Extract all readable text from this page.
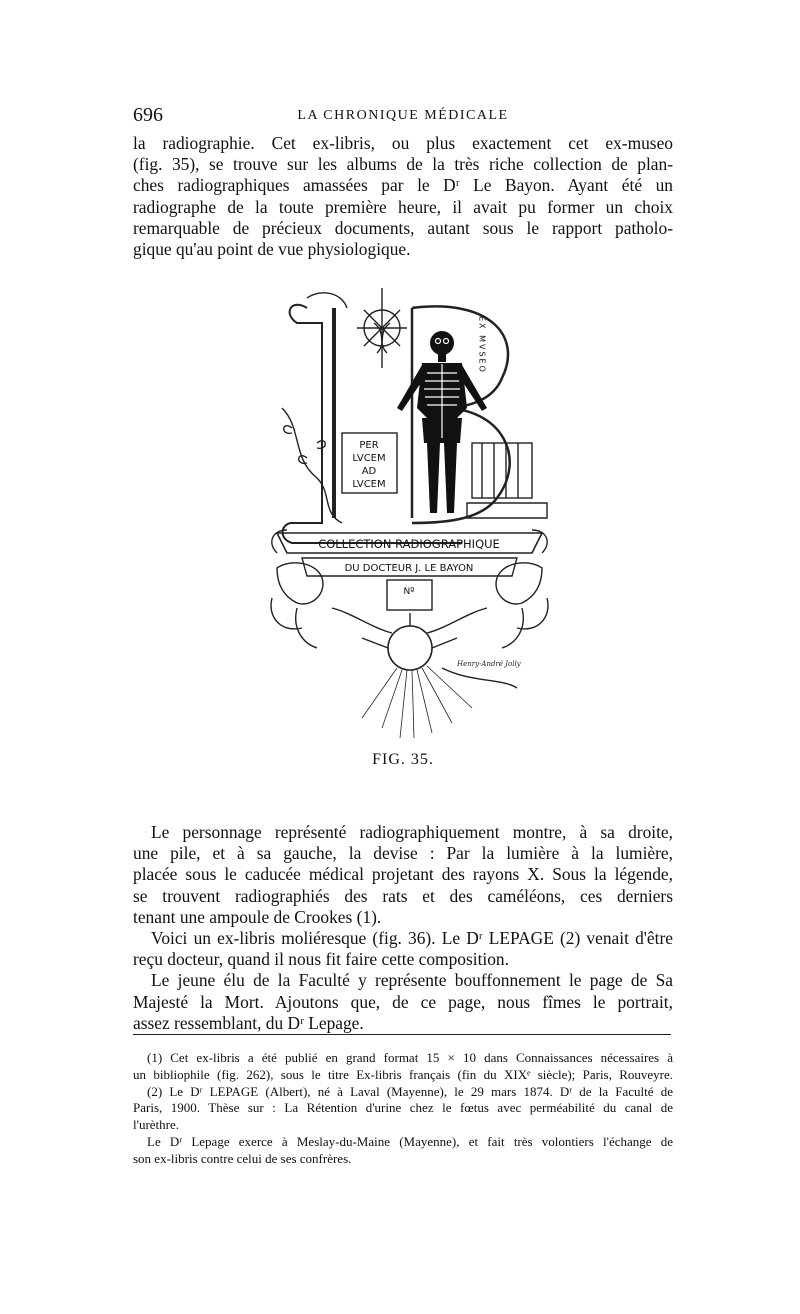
696	LA CHRONIQUE MÉDICALE
la radiographie. Cet ex-libris, ou plus exactement cet ex-museo
(fig. 35), se trouve sur les albums de la très riche collection de plan-
ches radiographiques amassées par le Dʳ Le Bayon. Ayant été un
radiographe de la toute première heure, il avait pu former un choix
remarquable de précieux documents, autant sous le rapport patholo-
gique qu'au point de vue physiologique.
PER
LVCEM
AD
LVCEM
EX MVSEO
COLLECTION RADIOGRAPHIQUE
DU DOCTEUR J. LE BAYON
Nº
Henry-André Jolly
FIG. 35.
Le personnage représenté radiographiquement montre, à sa droite,
une pile, et à sa gauche, la devise : Par la lumière à la lumière,
placée sous le caducée médical projetant des rayons X. Sous la légende,
se trouvent radiographiés des rats et des caméléons, ces derniers
tenant une ampoule de Crookes (1).
Voici un ex-libris moliéresque (fig. 36). Le Dʳ LEPAGE (2) venait d'être
reçu docteur, quand il nous fit faire cette composition.
Le jeune élu de la Faculté y représente bouffonnement le page de Sa
Majesté la Mort. Ajoutons que, de ce page, nous fîmes le portrait,
assez ressemblant, du Dʳ Lepage.
(1) Cet ex-libris a été publié en grand format 15 × 10 dans Connaissances nécessaires à
un bibliophile (fig. 262), sous le titre Ex-libris français (fin du XIXᵉ siècle); Paris, Rouveyre.
(2) Le Dʳ LEPAGE (Albert), né à Laval (Mayenne), le 29 mars 1874. Dʳ de la Faculté de
Paris, 1900. Thèse sur : La Rétention d'urine chez le fœtus avec perméabilité du canal de
l'urèthre.
Le Dʳ Lepage exerce à Meslay-du-Maine (Mayenne), et fait très volontiers l'échange de
son ex-libris contre celui de ses confrères.
